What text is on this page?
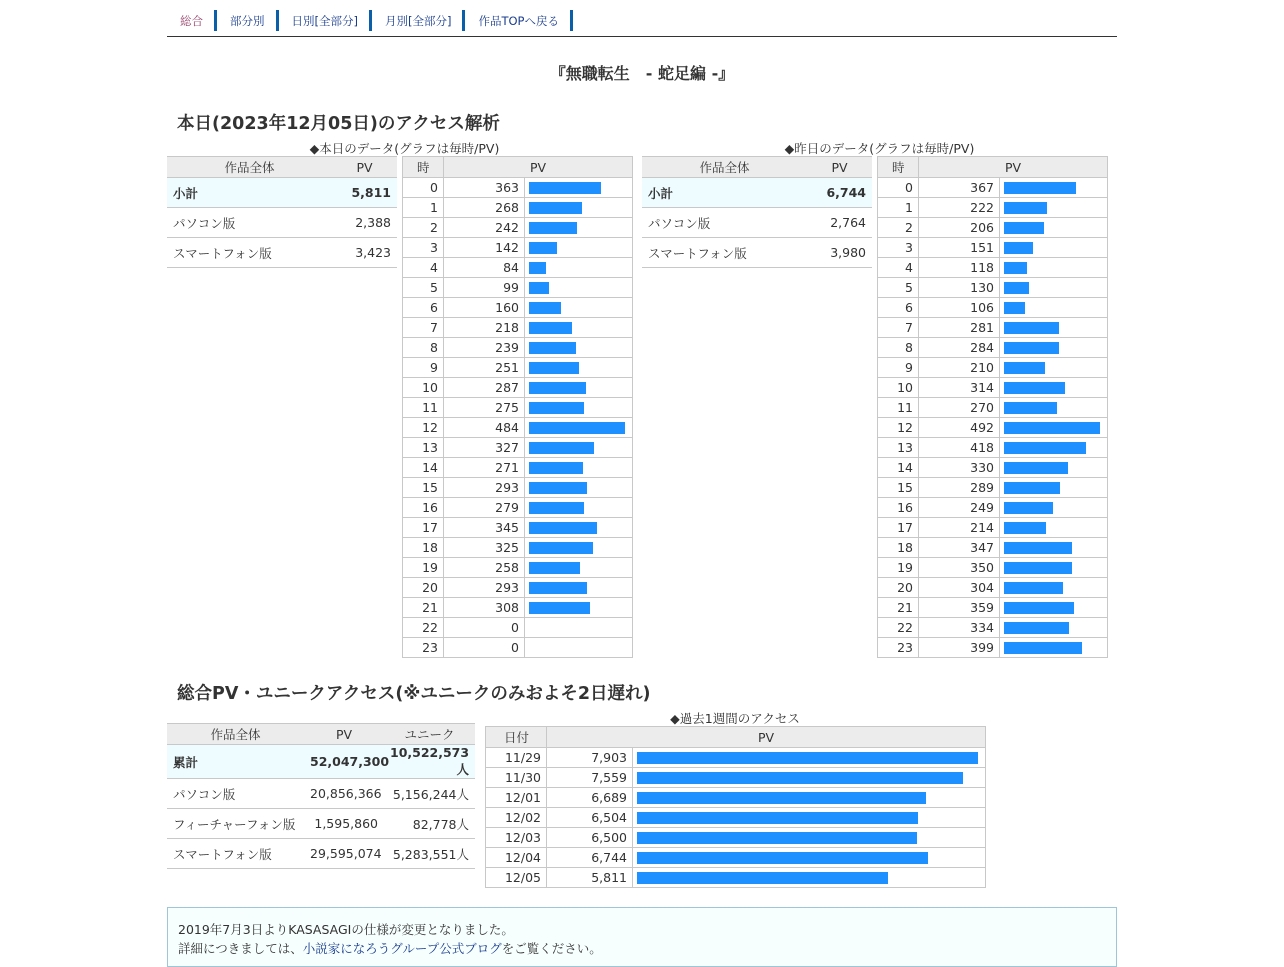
総合	部分別	日別[全部分]	月別[全部分]	作品TOPへ戻る
『無職転生　- 蛇足編 -』
本日(2023年12月05日)のアクセス解析
◆本日のデータ(グラフは毎時/PV)	◆昨日のデータ(グラフは毎時/PV)
作品全体	PV
小計	5,811
パソコン版	2,388
スマートフォン版	3,423
時	PV	
0	363	

1	268	

2	242	

3	142	

4	84	

5	99	

6	160	

7	218	

8	239	

9	251	

10	287	

11	275	

12	484	

13	327	

14	271	

15	293	

16	279	

17	345	

18	325	

19	258	

20	293	

21	308	

22	0	
23	0	
作品全体	PV
小計	6,744
パソコン版	2,764
スマートフォン版	3,980
時	PV	
0	367	

1	222	

2	206	

3	151	

4	118	

5	130	

6	106	

7	281	

8	284	

9	210	

10	314	

11	270	

12	492	

13	418	

14	330	

15	289	

16	249	

17	214	

18	347	

19	350	

20	304	

21	359	

22	334	

23	399	
総合PV・ユニークアクセス(※ユニークのみおよそ2日遅れ)
作品全体	PV	ユニーク
累計	52,047,300	10,522,573人
パソコン版	20,856,366	5,156,244人
フィーチャーフォン版	1,595,860	82,778人
スマートフォン版	29,595,074	5,283,551人
◆過去1週間のアクセス
日付	PV	
11/29	7,903	

11/30	7,559	

12/01	6,689	

12/02	6,504	

12/03	6,500	

12/04	6,744	

12/05	5,811	
2019年7月3日よりKASASAGIの仕様が変更となりました。
詳細につきましては、小説家になろうグループ公式ブログをご覧ください。
